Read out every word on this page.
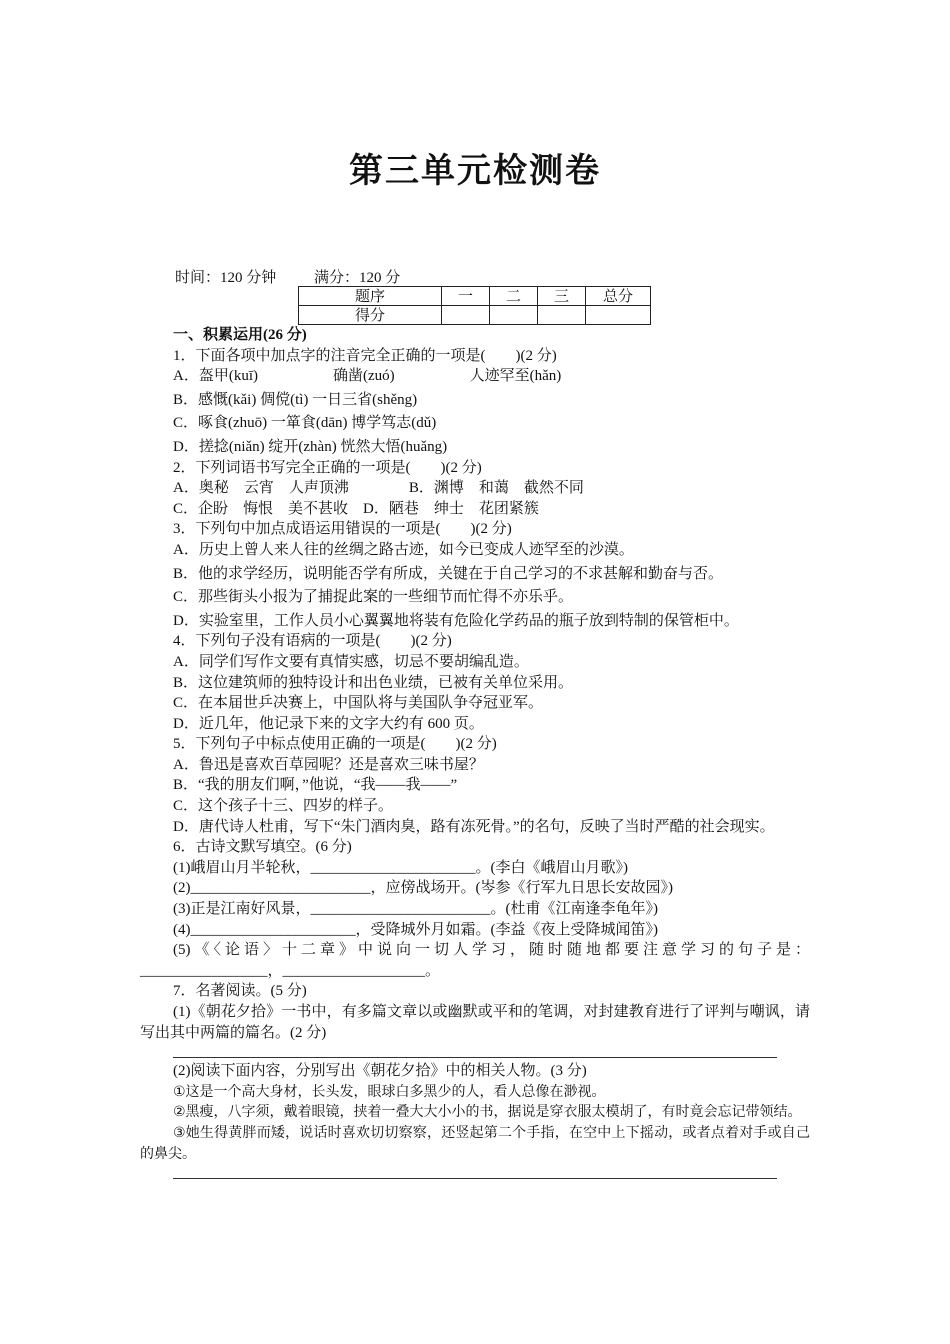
第三单元检测卷
时间：120 分钟	满分：120 分
题序	一	二	三	总分
得分				
一、积累运用(26 分)
1．下面各项中加点字的注音完全正确的一项是(　　)(2 分)
A．盔甲(kuī)　　　　　确凿(zuó)　　　　　人迹罕至(hǎn)
B．感慨(kǎi) 倜傥(tì) 一日三省(shěng)
C．啄食(zhuō) 一箪食(dān) 博学笃志(dǔ)
D．搓捻(niǎn) 绽开(zhàn) 恍然大悟(huǎng)
2．下列词语书写完全正确的一项是(　　)(2 分)
A．奥秘　云宵　人声顶沸　　　　B．渊博　和蔼　截然不同
C．企盼　悔恨　美不甚收　D．陋巷　绅士　花团紧簇
3．下列句中加点成语运用错误的一项是(　　)(2 分)
A．历史上曾人来人往的丝绸之路古迹，如今已变成人迹罕至的沙漠。
B．他的求学经历，说明能否学有所成，关键在于自己学习的不求甚解和勤奋与否。
C．那些街头小报为了捕捉此案的一些细节而忙得不亦乐乎。
D．实验室里，工作人员小心翼翼地将装有危险化学药品的瓶子放到特制的保管柜中。
4．下列句子没有语病的一项是(　　)(2 分)
A．同学们写作文要有真情实感，切忌不要胡编乱造。
B．这位建筑师的独特设计和出色业绩，已被有关单位采用。
C．在本届世乒决赛上，中国队将与美国队争夺冠亚军。
D．近几年，他记录下来的文字大约有 600 页。
5．下列句子中标点使用正确的一项是(　　)(2 分)
A．鲁迅是喜欢百草园呢？还是喜欢三味书屋？
B．“我的朋友们啊，”他说，“我——我——”
C．这个孩子十三、四岁的样子。
D．唐代诗人杜甫，写下“朱门酒肉臭，路有冻死骨。”的名句，反映了当时严酷的社会现实。
6．古诗文默写填空。(6 分)
(1)峨眉山月半轮秋，______________________。(李白《峨眉山月歌》)
(2)________________________，应傍战场开。(岑参《行军九日思长安故园》)
(3)正是江南好风景，________________________。(杜甫《江南逢李龟年》)
(4)______________________，受降城外月如霜。(李益《夜上受降城闻笛》)
(5)《〈论语〉十二章》中说向一切人学习，随时随地都要注意学习的句子是：_________________，___________________。
7．名著阅读。(5 分)
(1)《朝花夕拾》一书中，有多篇文章以或幽默或平和的笔调，对封建教育进行了评判与嘲讽，请写出其中两篇的篇名。(2 分)
(2)阅读下面内容，分别写出《朝花夕拾》中的相关人物。(3 分)
①这是一个高大身材，长头发，眼球白多黑少的人，看人总像在渺视。
②黑瘦，八字须，戴着眼镜，挟着一叠大大小小的书，据说是穿衣服太模胡了，有时竟会忘记带领结。
③她生得黄胖而矮，说话时喜欢切切察察，还竖起第二个手指，在空中上下摇动，或者点着对手或自己的鼻尖。
